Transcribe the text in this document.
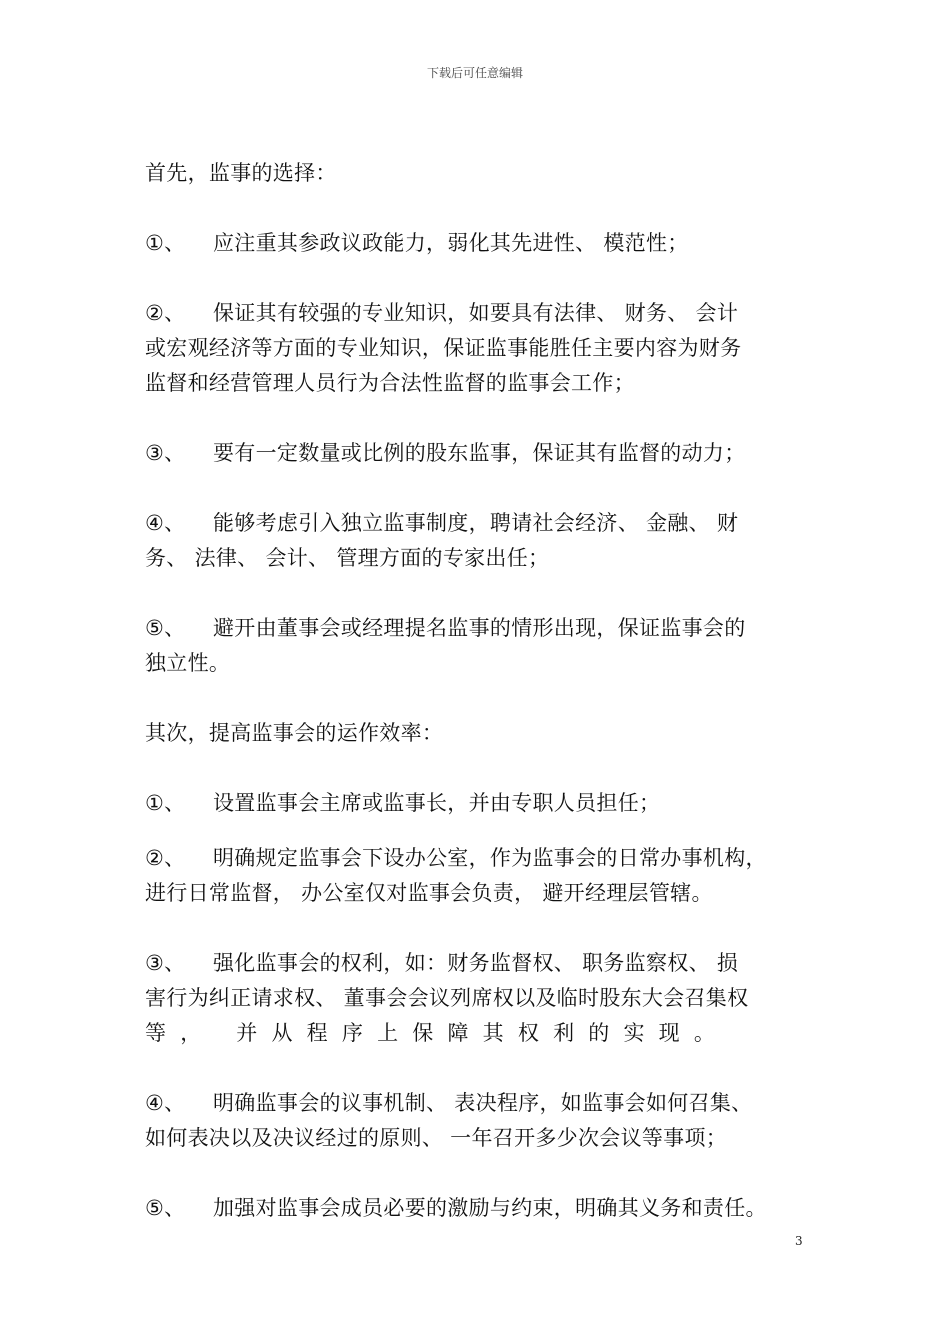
下载后可任意编辑
首先，监事的选择：
①、 应注重其参政议政能力，弱化其先进性、 模范性；
②、 保证其有较强的专业知识，如要具有法律、 财务、 会计
或宏观经济等方面的专业知识，保证监事能胜任主要内容为财务
监督和经营管理人员行为合法性监督的监事会工作；
③、 要有一定数量或比例的股东监事，保证其有监督的动力；
④、 能够考虑引入独立监事制度，聘请社会经济、 金融、 财
务、 法律、 会计、 管理方面的专家出任；
⑤、 避开由董事会或经理提名监事的情形出现，保证监事会的
独立性。
其次，提高监事会的运作效率：
①、 设置监事会主席或监事长，并由专职人员担任；
②、 明确规定监事会下设办公室，作为监事会的日常办事机构，
进行日常监督， 办公室仅对监事会负责， 避开经理层管辖。
③、 强化监事会的权利，如：财务监督权、 职务监察权、 损
害行为纠正请求权、 董事会会议列席权以及临时股东大会召集权
等， 并从程序上保障其权利的实现。
④、 明确监事会的议事机制、 表决程序，如监事会如何召集、
如何表决以及决议经过的原则、 一年召开多少次会议等事项；
⑤、 加强对监事会成员必要的激励与约束，明确其义务和责任。
3
